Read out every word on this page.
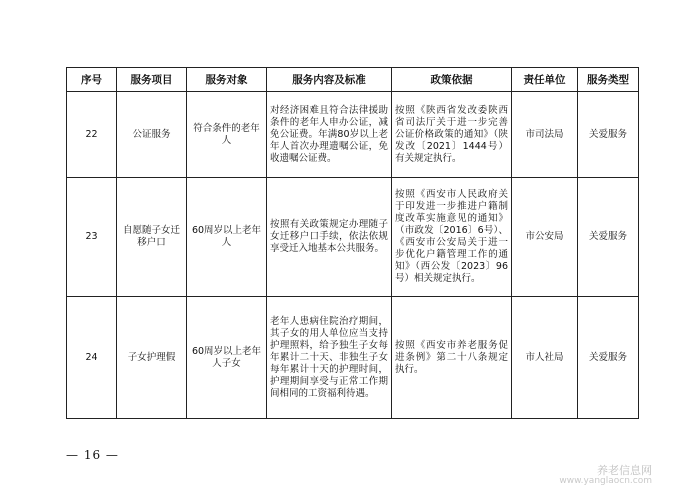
序号	服务项目	服务对象	服务内容及标准	政策依据	责任单位	服务类型
22	公证服务	符合条件的老年人	对经济困难且符合法律援助条件的老年人申办公证，减免公证费。年满80岁以上老年人首次办理遗嘱公证，免收遗嘱公证费。	按照《陕西省发改委陕西省司法厅关于进一步完善公证价格政策的通知》（陕发改〔2021〕1444号）有关规定执行。	市司法局	关爱服务
23	自愿随子女迁移户口	60周岁以上老年人	按照有关政策规定办理随子女迁移户口手续，依法依规享受迁入地基本公共服务。	按照《西安市人民政府关于印发进一步推进户籍制度改革实施意见的通知》（市政发〔2016〕6号）、《西安市公安局关于进一步优化户籍管理工作的通知》（西公发〔2023〕96号）相关规定执行。	市公安局	关爱服务
24	子女护理假	60周岁以上老年人子女	老年人患病住院治疗期间，其子女的用人单位应当支持护理照料，给予独生子女每年累计二十天、非独生子女每年累计十天的护理时间，护理期间享受与正常工作期间相同的工资福利待遇。	按照《西安市养老服务促进条例》第二十八条规定执行。	市人社局	关爱服务

— 16 —
养老信息网
www.yanglaocn.com
